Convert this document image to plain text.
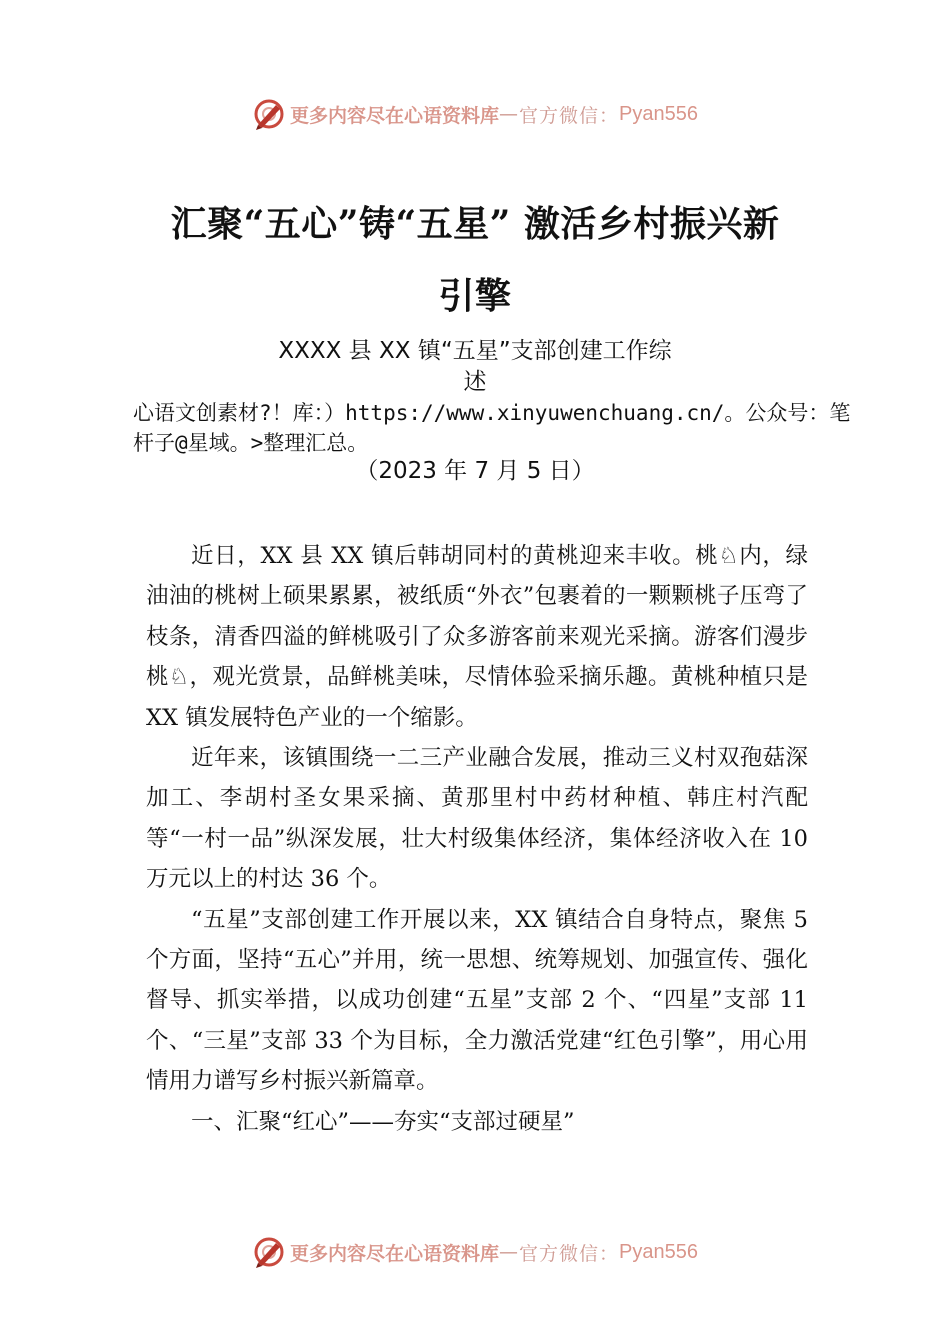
更多内容尽在心语资料库 — 官方微信： Pyan556
汇聚“五心”铸“五星” 激活乡村振兴新
引擎
XXXX 县 XX 镇“五星”支部创建工作综
述
心语文创素材?！库：）https://www.xinyuwenchuang.cn/。公众号：笔杆子@星域。>整理汇总。
（2023 年 7 月 5 日）

近日，XX 县 XX 镇后韩胡同村的黄桃迎来丰收。桃♘内，绿油油的桃树上硕果累累，被纸质“外衣”包裹着的一颗颗桃子压弯了枝条，清香四溢的鲜桃吸引了众多游客前来观光采摘。游客们漫步桃♘，观光赏景，品鲜桃美味，尽情体验采摘乐趣。黄桃种植只是 XX 镇发展特色产业的一个缩影。

近年来，该镇围绕一二三产业融合发展，推动三义村双孢菇深加工、李胡村圣女果采摘、黄那里村中药材种植、韩庄村汽配等“一村一品”纵深发展，壮大村级集体经济，集体经济收入在 10 万元以上的村达 36 个。

“五星”支部创建工作开展以来，XX 镇结合自身特点，聚焦 5 个方面，坚持“五心”并用，统一思想、统筹规划、加强宣传、强化督导、抓实举措，以成功创建“五星”支部 2 个、“四星”支部 11 个、“三星”支部 33 个为目标，全力激活党建“红色引擎”，用心用情用力谱写乡村振兴新篇章。

一、汇聚“红心”——夯实“支部过硬星”

更多内容尽在心语资料库 — 官方微信： Pyan556
